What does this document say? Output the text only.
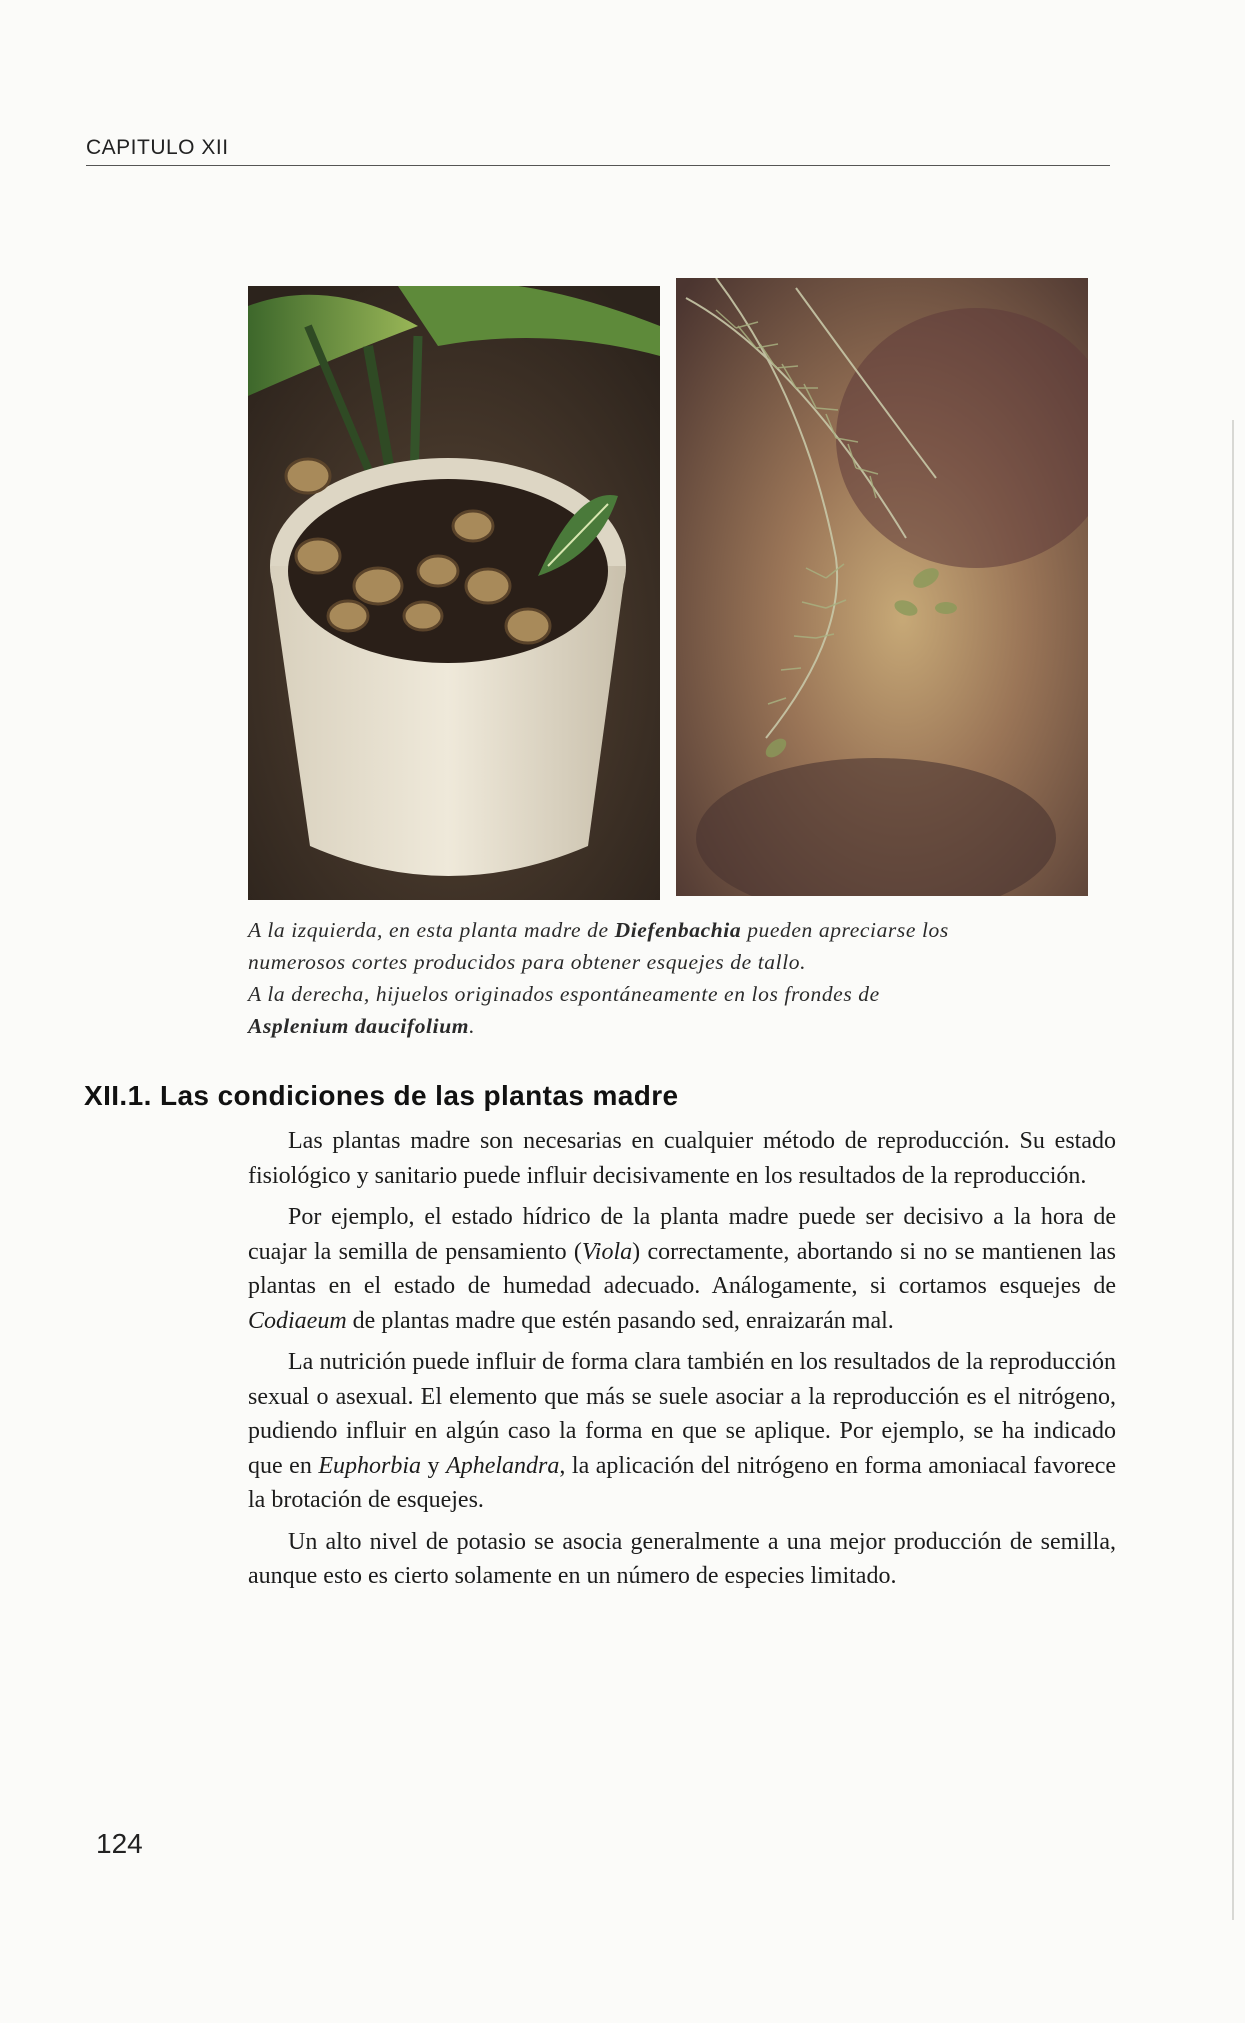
CAPITULO XII

A la izquierda, en esta planta madre de Diefenbachia pueden apreciarse los

numerosos cortes producidos para obtener esquejes de tallo.

A la derecha, hijuelos originados espontáneamente en los frondes de

Asplenium daucifolium.

XII.1. Las condiciones de las plantas madre

Las plantas madre son necesarias en cualquier método de reproducción. Su estado fisiológico y sanitario puede influir decisivamente en los resultados de la reproducción.

Por ejemplo, el estado hídrico de la planta madre puede ser decisivo a la hora de cuajar la semilla de pensamiento (Viola) correctamente, abortando si no se mantienen las plantas en el estado de humedad adecuado. Análogamente, si cortamos esquejes de Codiaeum de plantas madre que estén pasando sed, enraizarán mal.

La nutrición puede influir de forma clara también en los resultados de la reproducción sexual o asexual. El elemento que más se suele asociar a la reproducción es el nitrógeno, pudiendo influir en algún caso la forma en que se aplique. Por ejemplo, se ha indicado que en Euphorbia y Aphelandra, la aplicación del nitrógeno en forma amoniacal favorece la brotación de esquejes.

Un alto nivel de potasio se asocia generalmente a una mejor producción de semilla, aunque esto es cierto solamente en un número de especies limitado.

124
